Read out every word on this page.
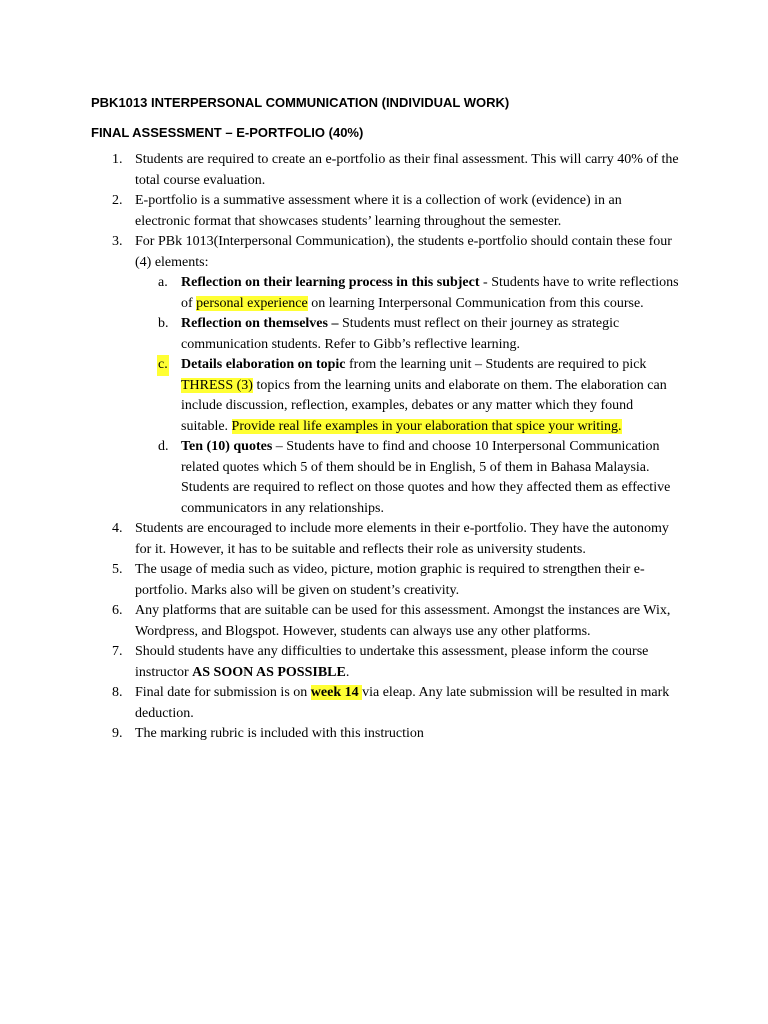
PBK1013 INTERPERSONAL COMMUNICATION (INDIVIDUAL WORK)
FINAL ASSESSMENT – E-PORTFOLIO (40%)
1. Students are required to create an e-portfolio as their final assessment. This will carry 40% of the total course evaluation.
2. E-portfolio is a summative assessment where it is a collection of work (evidence) in an electronic format that showcases students’ learning throughout the semester.
3. For PBk 1013(Interpersonal Communication), the students e-portfolio should contain these four (4) elements:
a. Reflection on their learning process in this subject - Students have to write reflections of personal experience on learning Interpersonal Communication from this course.
b. Reflection on themselves – Students must reflect on their journey as strategic communication students. Refer to Gibb’s reflective learning.
c. Details elaboration on topic from the learning unit – Students are required to pick THRESS (3) topics from the learning units and elaborate on them. The elaboration can include discussion, reflection, examples, debates or any matter which they found suitable. Provide real life examples in your elaboration that spice your writing.
d. Ten (10) quotes – Students have to find and choose 10 Interpersonal Communication related quotes which 5 of them should be in English, 5 of them in Bahasa Malaysia. Students are required to reflect on those quotes and how they affected them as effective communicators in any relationships.
4. Students are encouraged to include more elements in their e-portfolio. They have the autonomy for it. However, it has to be suitable and reflects their role as university students.
5. The usage of media such as video, picture, motion graphic is required to strengthen their e-portfolio. Marks also will be given on student’s creativity.
6. Any platforms that are suitable can be used for this assessment. Amongst the instances are Wix, Wordpress, and Blogspot. However, students can always use any other platforms.
7. Should students have any difficulties to undertake this assessment, please inform the course instructor AS SOON AS POSSIBLE.
8. Final date for submission is on week 14 via eleap. Any late submission will be resulted in mark deduction.
9. The marking rubric is included with this instruction
